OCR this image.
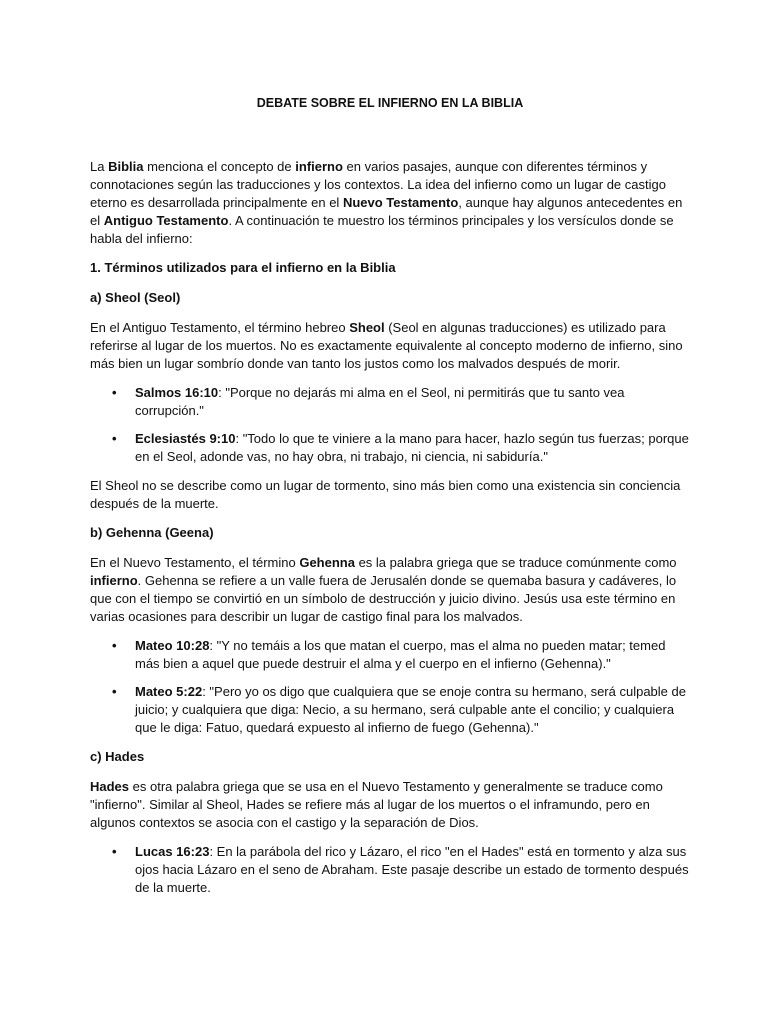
DEBATE SOBRE EL INFIERNO EN LA BIBLIA

La Biblia menciona el concepto de infierno en varios pasajes, aunque con diferentes términos y connotaciones según las traducciones y los contextos. La idea del infierno como un lugar de castigo eterno es desarrollada principalmente en el Nuevo Testamento, aunque hay algunos antecedentes en el Antiguo Testamento. A continuación te muestro los términos principales y los versículos donde se habla del infierno:

1. Términos utilizados para el infierno en la Biblia
a) Sheol (Seol)

En el Antiguo Testamento, el término hebreo Sheol (Seol en algunas traducciones) es utilizado para referirse al lugar de los muertos. No es exactamente equivalente al concepto moderno de infierno, sino más bien un lugar sombrío donde van tanto los justos como los malvados después de morir.

• Salmos 16:10: "Porque no dejarás mi alma en el Seol, ni permitirás que tu santo vea corrupción."
• Eclesiastés 9:10: "Todo lo que te viniere a la mano para hacer, hazlo según tus fuerzas; porque en el Seol, adonde vas, no hay obra, ni trabajo, ni ciencia, ni sabiduría."

El Sheol no se describe como un lugar de tormento, sino más bien como una existencia sin conciencia después de la muerte.

b) Gehenna (Geena)

En el Nuevo Testamento, el término Gehenna es la palabra griega que se traduce comúnmente como infierno. Gehenna se refiere a un valle fuera de Jerusalén donde se quemaba basura y cadáveres, lo que con el tiempo se convirtió en un símbolo de destrucción y juicio divino. Jesús usa este término en varias ocasiones para describir un lugar de castigo final para los malvados.

• Mateo 10:28: "Y no temáis a los que matan el cuerpo, mas el alma no pueden matar; temed más bien a aquel que puede destruir el alma y el cuerpo en el infierno (Gehenna)."
• Mateo 5:22: "Pero yo os digo que cualquiera que se enoje contra su hermano, será culpable de juicio; y cualquiera que diga: Necio, a su hermano, será culpable ante el concilio; y cualquiera que le diga: Fatuo, quedará expuesto al infierno de fuego (Gehenna)."
c) Hades

Hades es otra palabra griega que se usa en el Nuevo Testamento y generalmente se traduce como "infierno". Similar al Sheol, Hades se refiere más al lugar de los muertos o el inframundo, pero en algunos contextos se asocia con el castigo y la separación de Dios.

• Lucas 16:23: En la parábola del rico y Lázaro, el rico "en el Hades" está en tormento y alza sus ojos hacia Lázaro en el seno de Abraham. Este pasaje describe un estado de tormento después de la muerte.
